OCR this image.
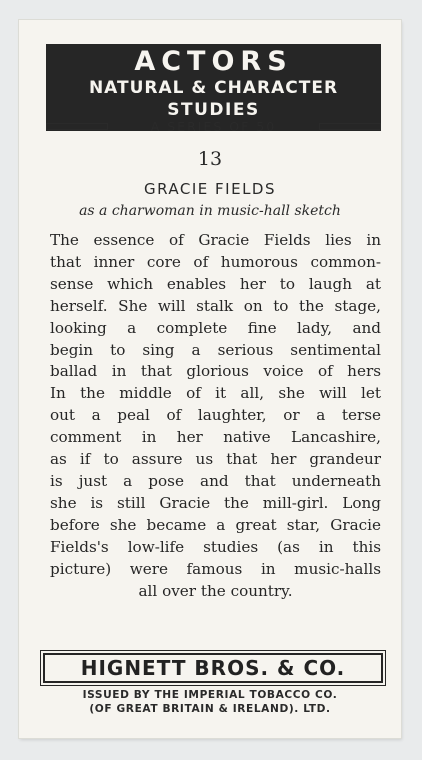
ACTORS
NATURAL & CHARACTER
STUDIES
A SERIES OF 50
13
GRACIE FIELDS
as a charwoman in music-hall sketch
The essence of Gracie Fields lies in
that inner core of humorous common-
sense which enables her to laugh at
herself. She will stalk on to the stage,
looking a complete fine lady, and
begin to sing a serious sentimental
ballad in that glorious voice of hers
In the middle of it all, she will let
out a peal of laughter, or a terse
comment in her native Lancashire,
as if to assure us that her grandeur
is just a pose and that underneath
she is still Gracie the mill-girl. Long
before she became a great star, Gracie
Fields's low-life studies (as in this
picture) were famous in music-halls
all over the country.
HIGNETT BROS. & CO.
ISSUED BY THE IMPERIAL TOBACCO CO.
(OF GREAT BRITAIN & IRELAND). LTD.
